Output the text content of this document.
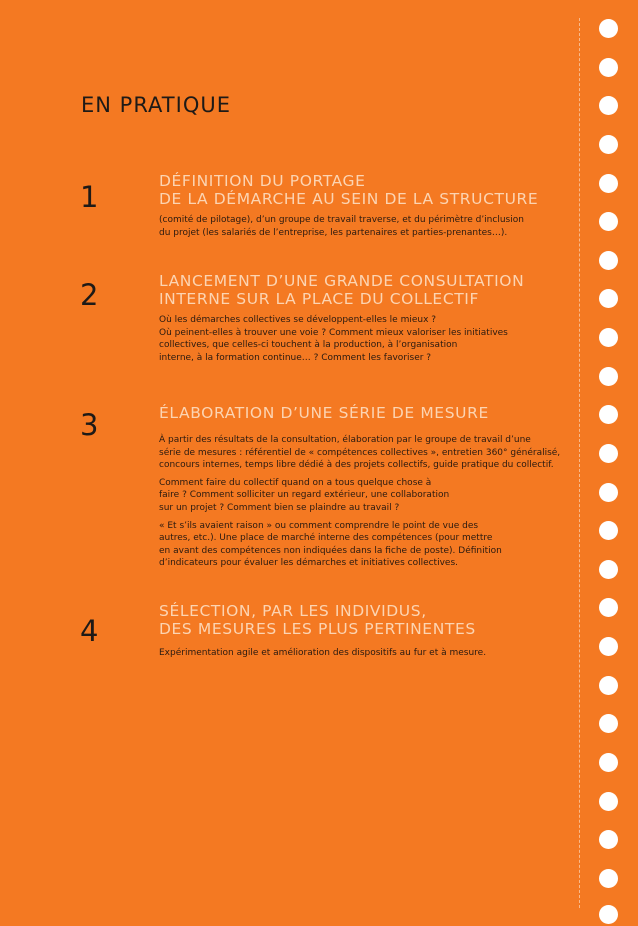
EN PRATIQUE
1	DÉFINITION DU PORTAGE
DE LA DÉMARCHE AU SEIN DE LA STRUCTURE
(comité de pilotage), d’un groupe de travail traverse, et du périmètre d’inclusion
du projet (les salariés de l’entreprise, les partenaires et parties-prenantes…).
2	LANCEMENT D’UNE GRANDE CONSULTATION
INTERNE SUR LA PLACE DU COLLECTIF
Où les démarches collectives se développent-elles le mieux ?
Où peinent-elles à trouver une voie ? Comment mieux valoriser les initiatives
collectives, que celles-ci touchent à la production, à l’organisation
interne, à la formation continue… ? Comment les favoriser ?
3	ÉLABORATION D’UNE SÉRIE DE MESURE
À partir des résultats de la consultation, élaboration par le groupe de travail d’une
série de mesures : référentiel de « compétences collectives », entretien 360° généralisé,
concours internes, temps libre dédié à des projets collectifs, guide pratique du collectif.
Comment faire du collectif quand on a tous quelque chose à
faire ? Comment solliciter un regard extérieur, une collaboration
sur un projet ? Comment bien se plaindre au travail ?
« Et s’ils avaient raison » ou comment comprendre le point de vue des
autres, etc.). Une place de marché interne des compétences (pour mettre
en avant des compétences non indiquées dans la fiche de poste). Définition
d’indicateurs pour évaluer les démarches et initiatives collectives.
4
SÉLECTION, PAR LES INDIVIDUS,
DES MESURES LES PLUS PERTINENTES
Expérimentation agile et amélioration des dispositifs au fur et à mesure.
